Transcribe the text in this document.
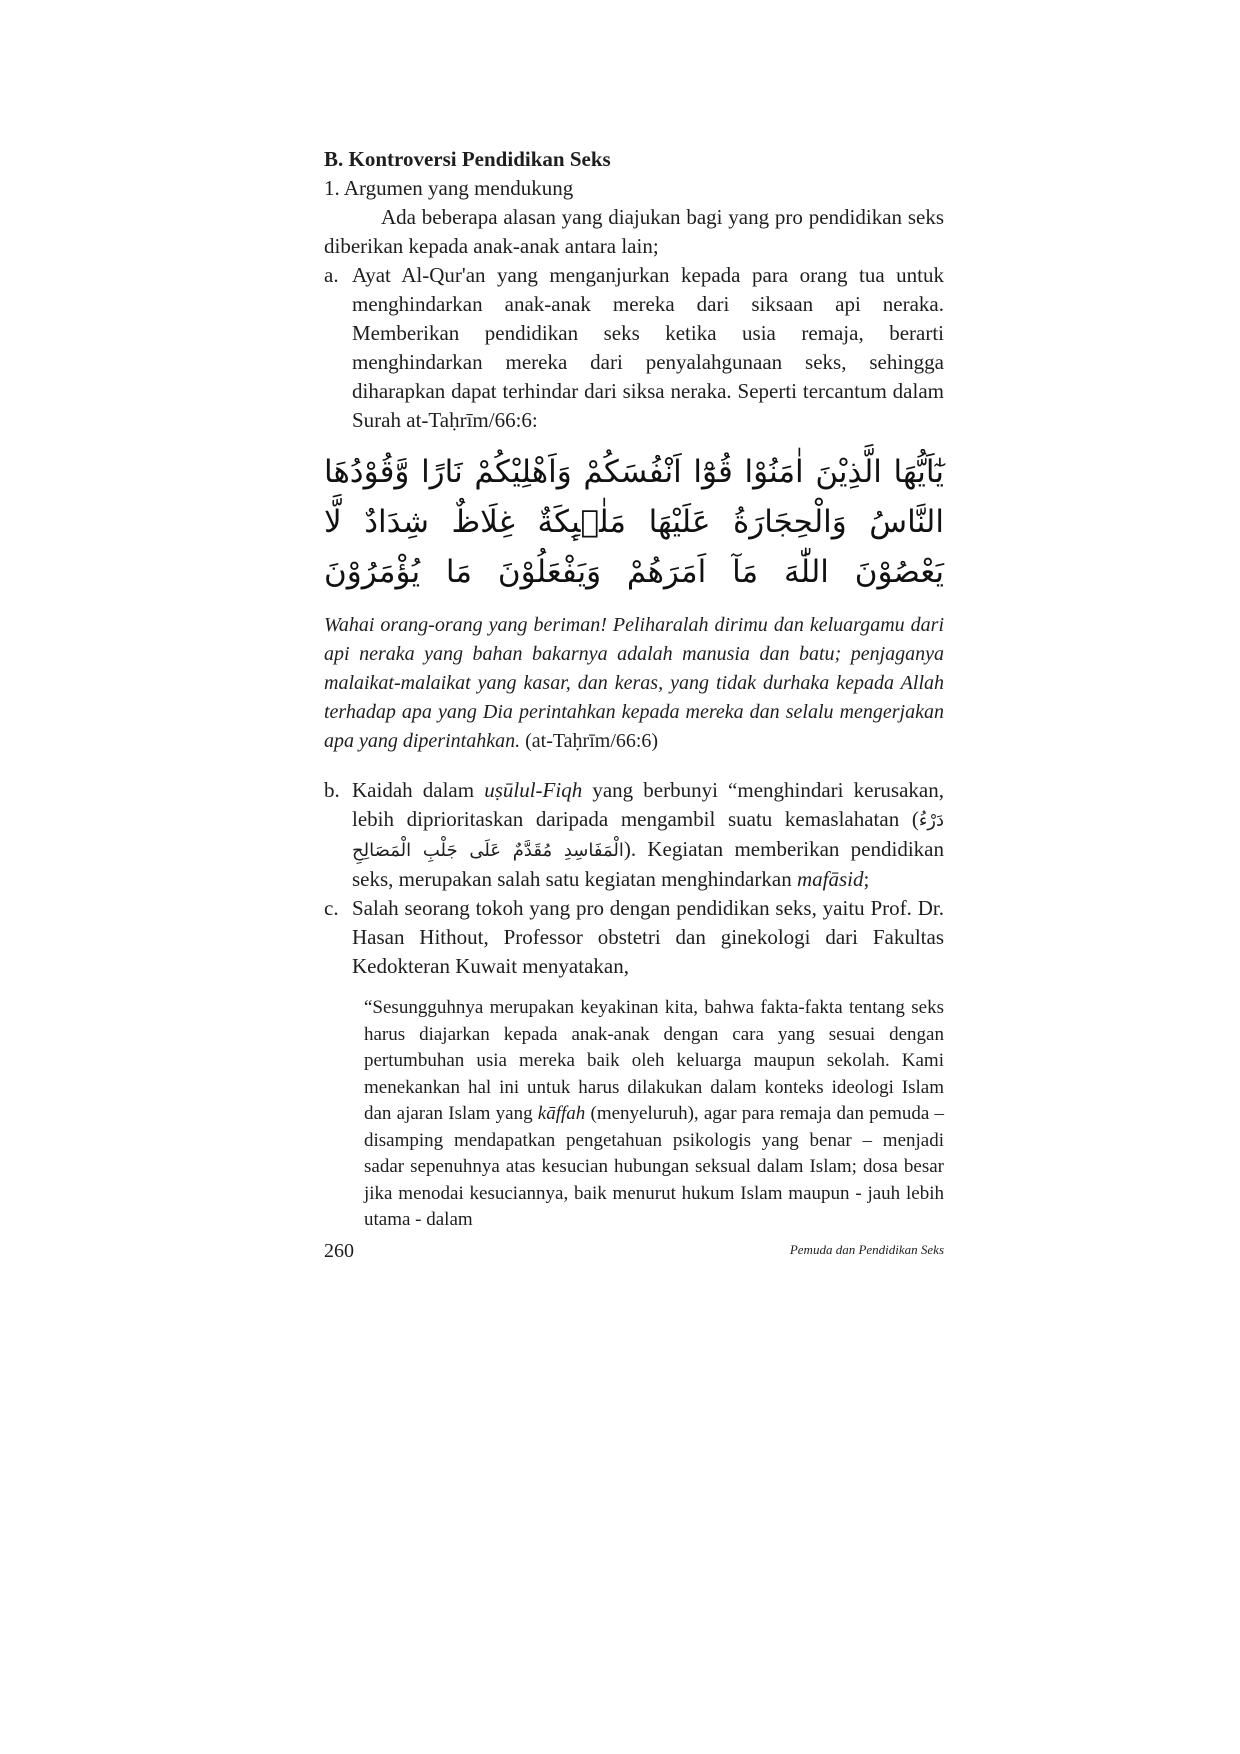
B. Kontroversi Pendidikan Seks

1. Argumen yang mendukung

Ada beberapa alasan yang diajukan bagi yang pro pendidikan seks diberikan kepada anak-anak antara lain;

a. Ayat Al-Qur'an yang menganjurkan kepada para orang tua untuk menghindarkan anak-anak mereka dari siksaan api neraka. Memberikan pendidikan seks ketika usia remaja, berarti menghindarkan mereka dari penyalahgunaan seks, sehingga diharapkan dapat terhindar dari siksa neraka. Seperti tercantum dalam Surah at-Taḥrīm/66:6:
يٰٓاَيُّهَا الَّذِيْنَ اٰمَنُوْا قُوْٓا اَنْفُسَكُمْ وَاَهْلِيْكُمْ نَارًا وَّقُوْدُهَا النَّاسُ وَالْحِجَارَةُ عَلَيْهَا مَلٰۤىِٕكَةٌ غِلَاظٌ شِدَادٌ لَّا يَعْصُوْنَ اللّٰهَ مَآ اَمَرَهُمْ وَيَفْعَلُوْنَ مَا يُؤْمَرُوْنَ

Wahai orang-orang yang beriman! Peliharalah dirimu dan keluargamu dari api neraka yang bahan bakarnya adalah manusia dan batu; penjaganya malaikat-malaikat yang kasar, dan keras, yang tidak durhaka kepada Allah terhadap apa yang Dia perintahkan kepada mereka dan selalu mengerjakan apa yang diperintahkan. (at-Taḥrīm/66:6)

b. Kaidah dalam uṣūlul-Fiqh yang berbunyi “menghindari kerusakan, lebih diprioritaskan daripada mengambil suatu kemaslahatan (دَرْءُ الْمَفَاسِدِ مُقَدَّمٌ عَلَى جَلْبِ الْمَصَالِحِ). Kegiatan memberikan pendidikan seks, merupakan salah satu kegiatan menghindarkan mafāsid;
c. Salah seorang tokoh yang pro dengan pendidikan seks, yaitu Prof. Dr. Hasan Hithout, Professor obstetri dan ginekologi dari Fakultas Kedokteran Kuwait menyatakan,
“Sesungguhnya merupakan keyakinan kita, bahwa fakta-fakta tentang seks harus diajarkan kepada anak-anak dengan cara yang sesuai dengan pertumbuhan usia mereka baik oleh keluarga maupun sekolah. Kami menekankan hal ini untuk harus dilakukan dalam konteks ideologi Islam dan ajaran Islam yang kāffah (menyeluruh), agar para remaja dan pemuda – disamping mendapatkan pengetahuan psikologis yang benar – menjadi sadar sepenuhnya atas kesucian hubungan seksual dalam Islam; dosa besar jika menodai kesuciannya, baik menurut hukum Islam maupun - jauh lebih utama - dalam
260	Pemuda dan Pendidikan Seks
